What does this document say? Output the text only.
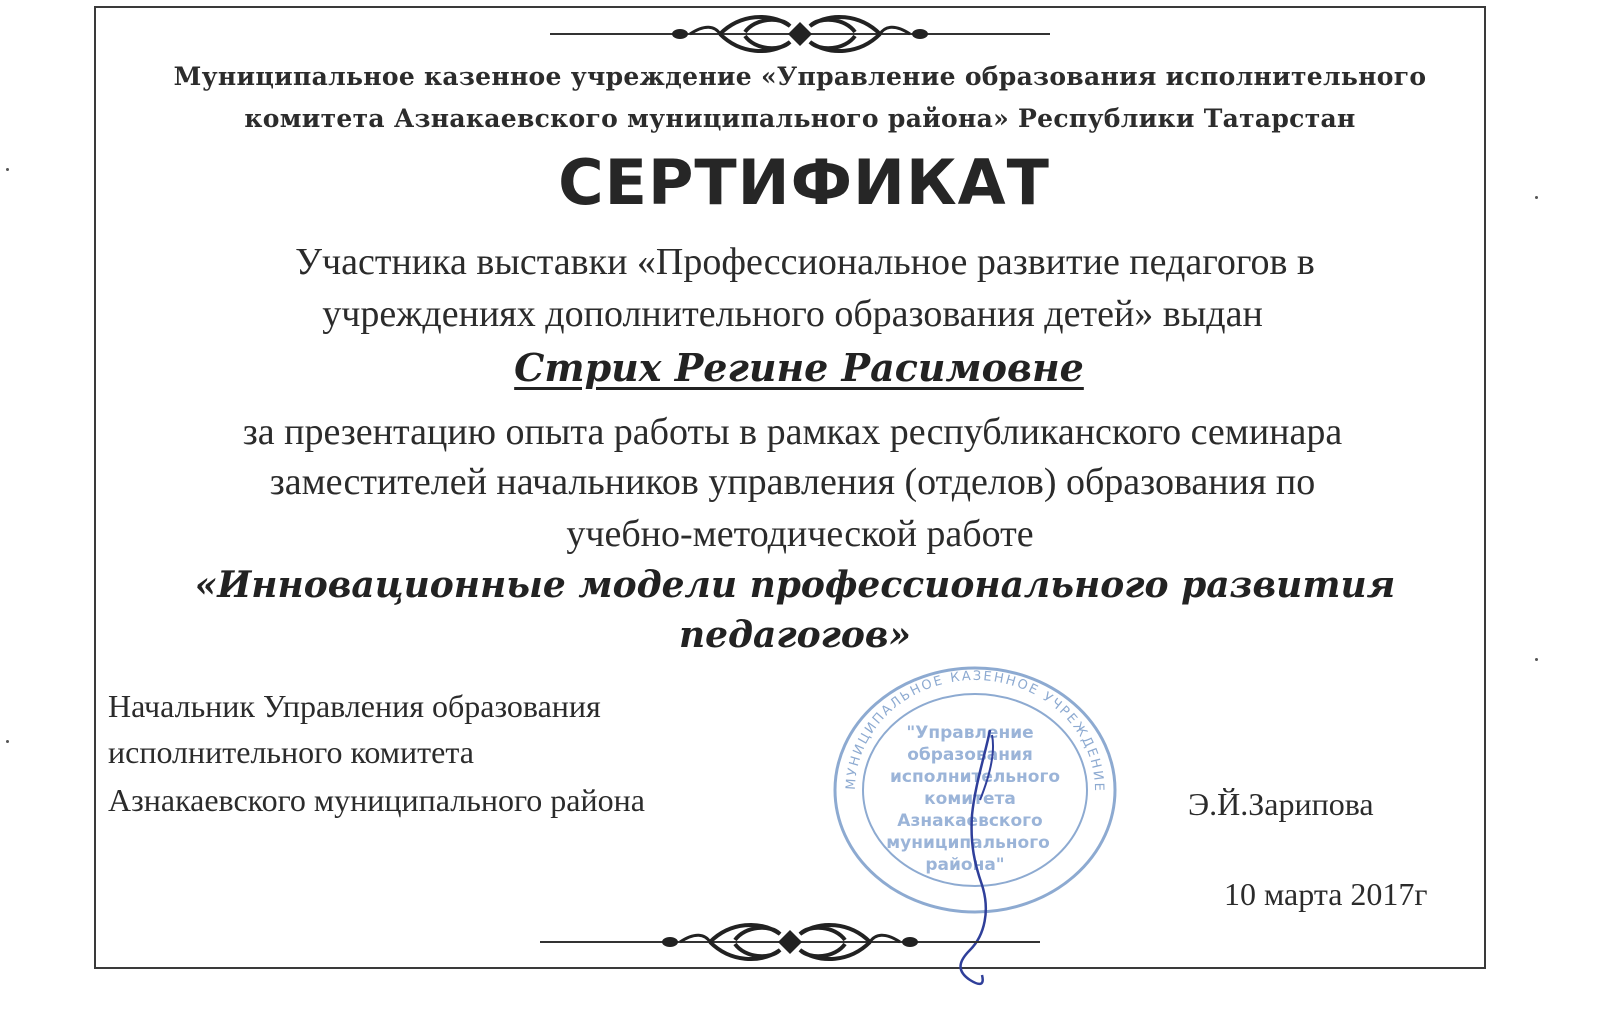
Муниципальное казенное учреждение «Управление образования исполнительного
комитета Азнакаевского муниципального района» Республики Татарстан
СЕРТИФИКАТ
Участника выставки «Профессиональное развитие педагогов в
учреждениях дополнительного образования детей» выдан
Стрих Регине Расимовне
за презентацию опыта работы в рамках республиканского семинара
заместителей начальников управления (отделов) образования по
учебно-методической работе
«Инновационные модели профессионального развития
педагогов»
Начальник Управления образования
исполнительного комитета
Азнакаевского муниципального района	МУНИЦИПАЛЬНОЕ КАЗЕННОЕ УЧРЕЖДЕНИЕ
"Управление
образования
исполнительного
комитета
Азнакаевского
муниципального
района"
Э.Й.Зарипова
10 марта 2017г
